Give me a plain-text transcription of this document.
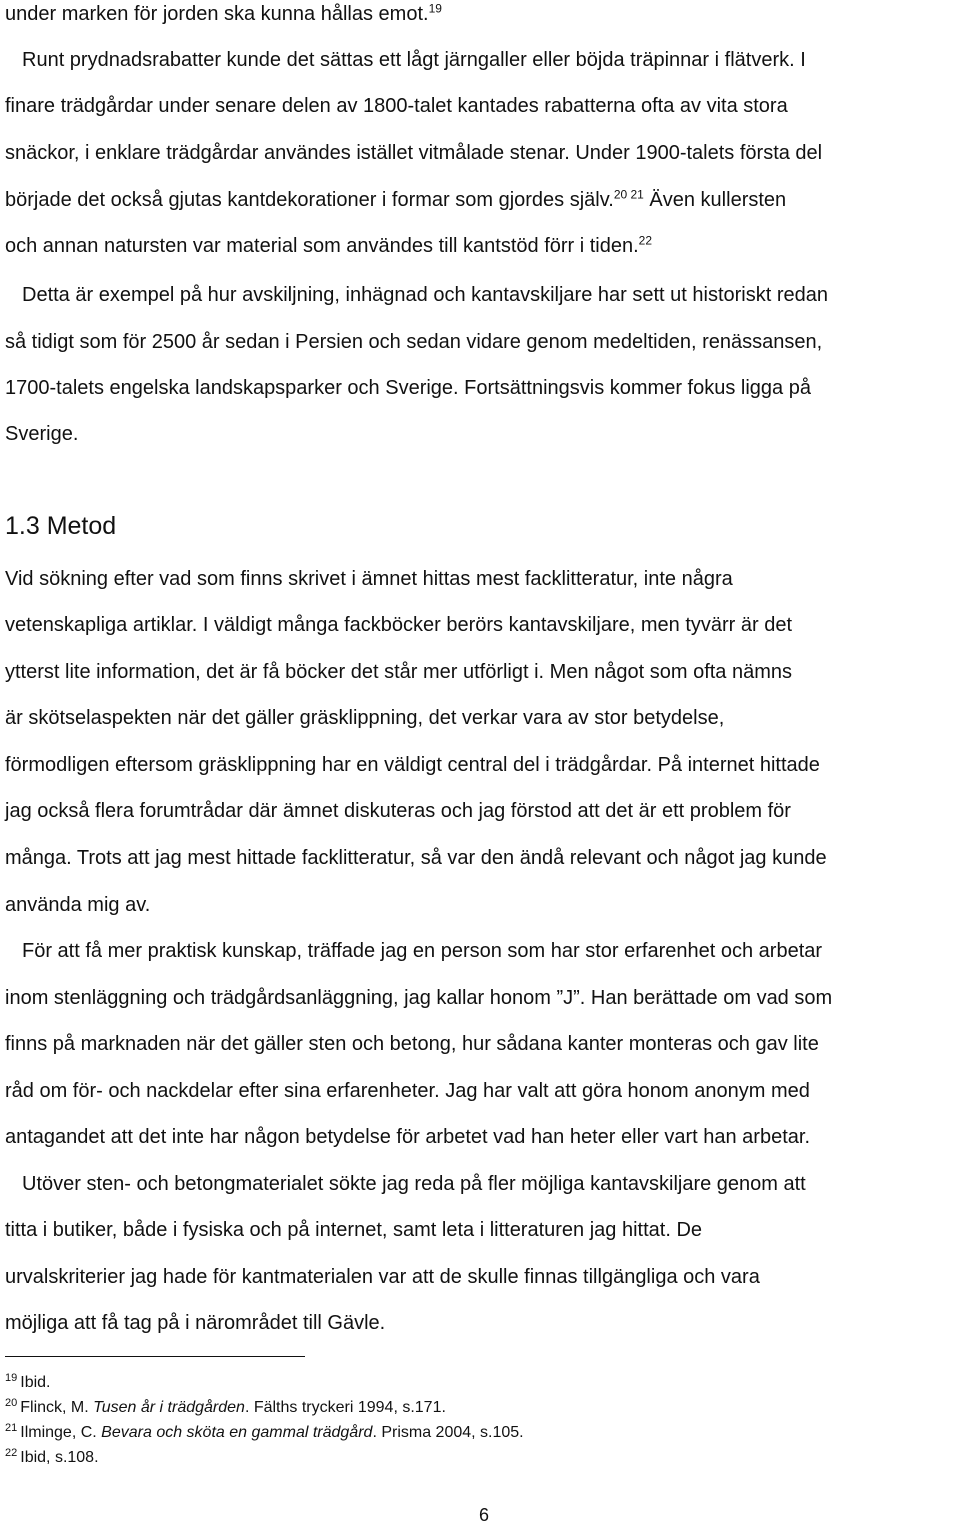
under marken för jorden ska kunna hållas emot.$^{19}$
Runt prydnadsrabatter kunde det sättas ett lågt järngaller eller böjda träpinnar i flätverk. I
finare trädgårdar under senare delen av 1800-talet kantades rabatterna ofta av vita stora
snäckor, i enklare trädgårdar användes istället vitmålade stenar. Under 1900-talets första del
började det också gjutas kantdekorationer i formar som gjordes själv.$^{20 21}$ Även kullersten
och annan natursten var material som användes till kantstöd förr i tiden.$^{22}$
Detta är exempel på hur avskiljning, inhägnad och kantavskiljare har sett ut historiskt redan
så tidigt som för 2500 år sedan i Persien och sedan vidare genom medeltiden, renässansen,
1700-talets engelska landskapsparker och Sverige. Fortsättningsvis kommer fokus ligga på
Sverige.
1.3 Metod
Vid sökning efter vad som finns skrivet i ämnet hittas mest facklitteratur, inte några
vetenskapliga artiklar. I väldigt många fackböcker berörs kantavskiljare, men tyvärr är det
ytterst lite information, det är få böcker det står mer utförligt i. Men något som ofta nämns
är skötselaspekten när det gäller gräsklippning, det verkar vara av stor betydelse,
förmodligen eftersom gräsklippning har en väldigt central del i trädgårdar. På internet hittade
jag också flera forumtrådar där ämnet diskuteras och jag förstod att det är ett problem för
många. Trots att jag mest hittade facklitteratur, så var den ändå relevant och något jag kunde
använda mig av.
För att få mer praktisk kunskap, träffade jag en person som har stor erfarenhet och arbetar
inom stenläggning och trädgårdsanläggning, jag kallar honom ”J”. Han berättade om vad som
finns på marknaden när det gäller sten och betong, hur sådana kanter monteras och gav lite
råd om för- och nackdelar efter sina erfarenheter. Jag har valt att göra honom anonym med
antagandet att det inte har någon betydelse för arbetet vad han heter eller vart han arbetar.
Utöver sten- och betongmaterialet sökte jag reda på fler möjliga kantavskiljare genom att
titta i butiker, både i fysiska och på internet, samt leta i litteraturen jag hittat. De
urvalskriterier jag hade för kantmaterialen var att de skulle finnas tillgängliga och vara
möjliga att få tag på i närområdet till Gävle.
$^{19}$ Ibid.
$^{20}$ Flinck, M. Tusen år i trädgården. Fälths tryckeri 1994, s.171.
$^{21}$ Ilminge, C. Bevara och sköta en gammal trädgård. Prisma 2004, s.105.
$^{22}$ Ibid, s.108.
6
